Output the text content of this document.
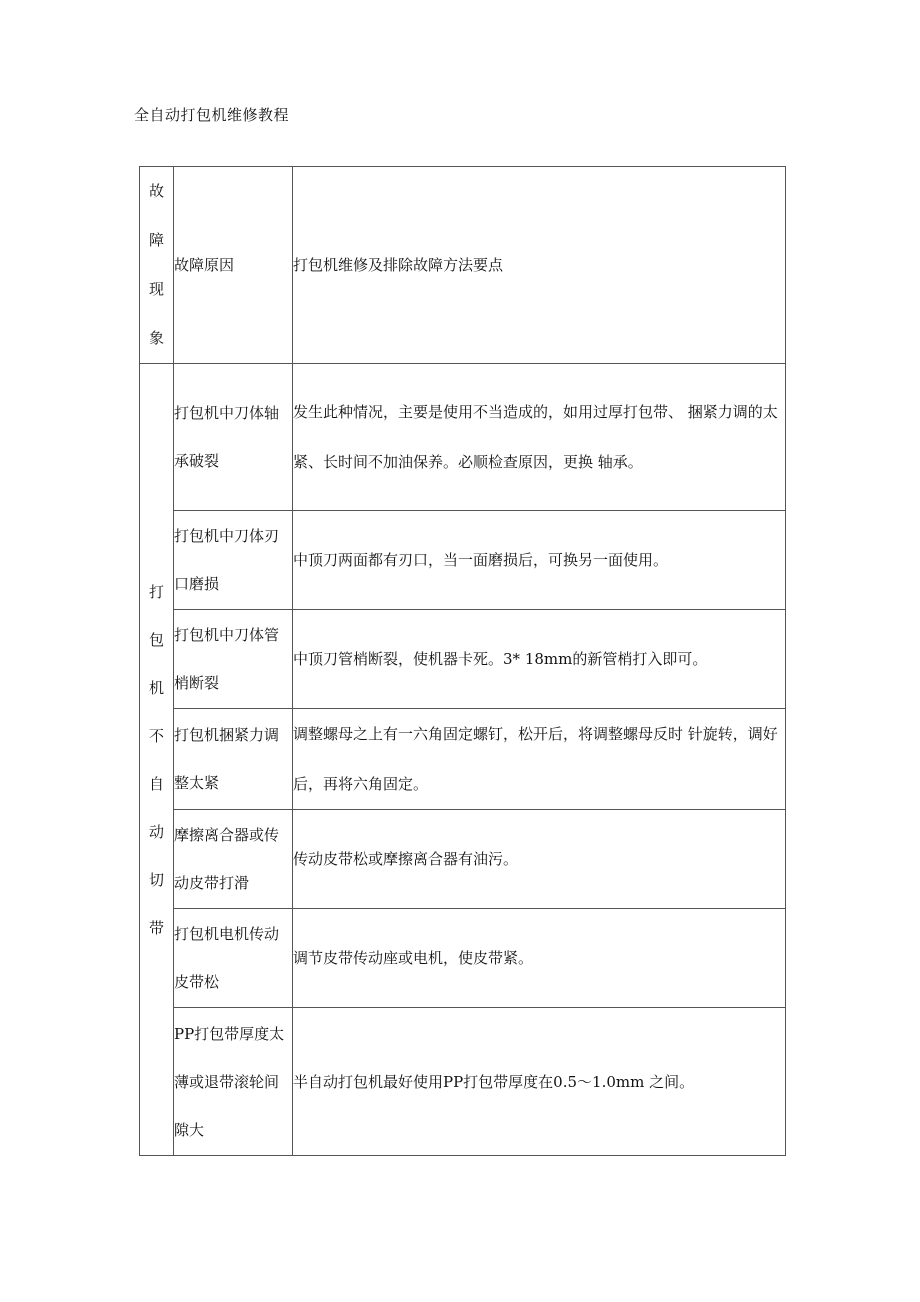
全自动打包机维修教程
故障现象	故障原因	打包机维修及排除故障方法要点

打包机不自动切带	打包机中刀体轴承破裂	发生此种情况，主要是使用不当造成的，如用过厚打包带、 捆紧力调的太紧、长时间不加油保养。必顺检查原因，更换 轴承。
	打包机中刀体刃口磨损	中顶刀两面都有刃口，当一面磨损后，可换另一面使用。
	打包机中刀体管梢断裂	中顶刀管梢断裂，使机器卡死。3* 18mm的新管梢打入即可。
	打包机捆紧力调整太紧	调整螺母之上有一六角固定螺钉，松开后，将调整螺母反时 针旋转，调好后，再将六角固定。
	摩擦离合器或传动皮带打滑	传动皮带松或摩擦离合器有油污。
	打包机电机传动皮带松	调节皮带传动座或电机，使皮带紧。
	PP打包带厚度太薄或退带滚轮间隙大	半自动打包机最好使用PP打包带厚度在0.5〜1.0mm 之间。
